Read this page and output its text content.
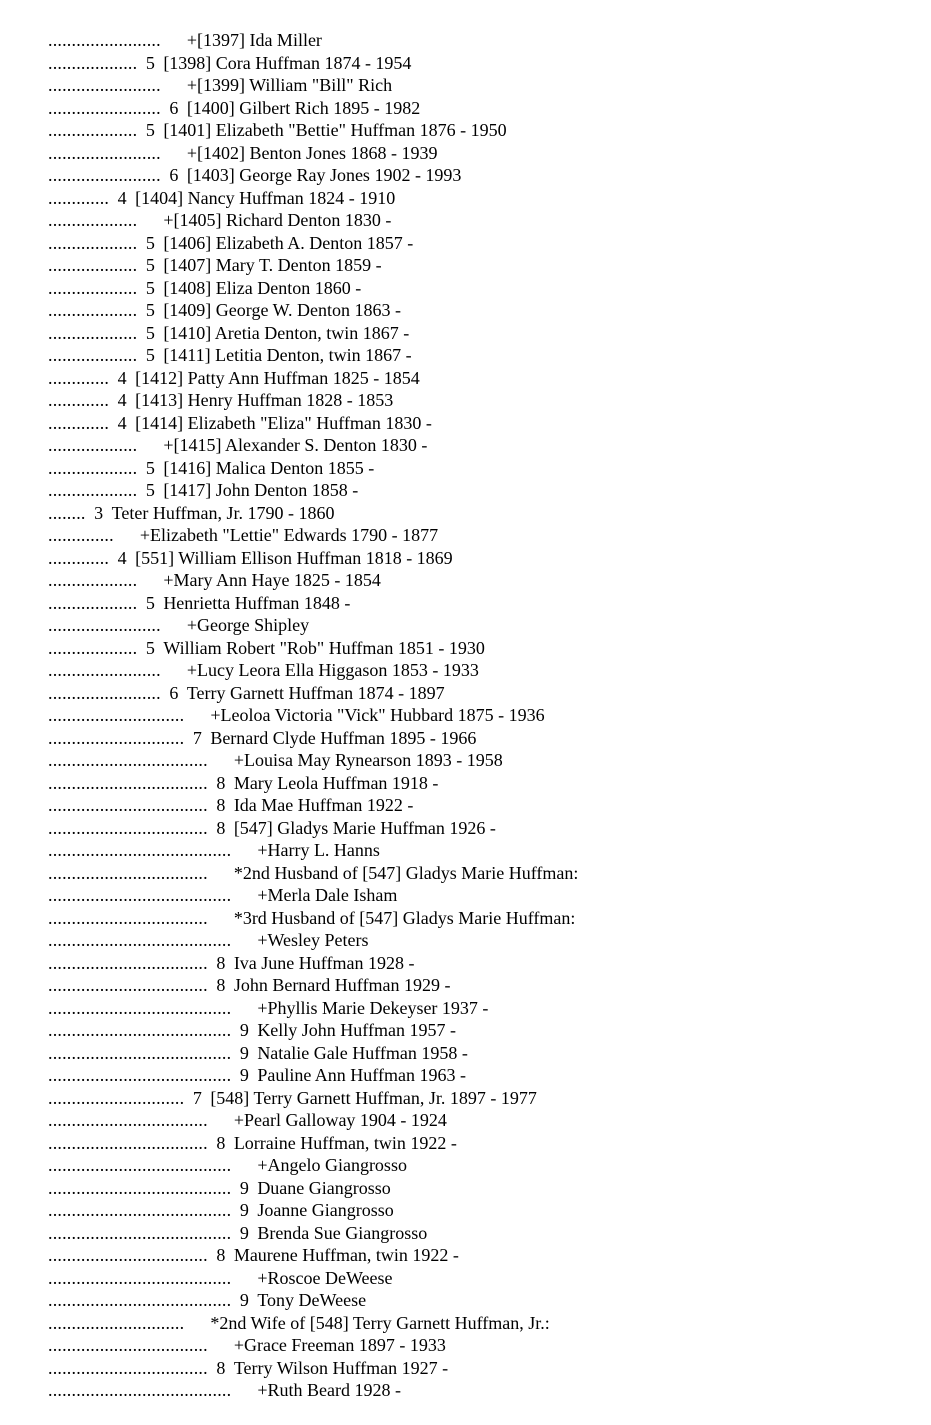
........................ +[1397] Ida Miller
................... 5 [1398] Cora Huffman 1874 - 1954
........................ +[1399] William "Bill" Rich
........................ 6 [1400] Gilbert Rich 1895 - 1982
................... 5 [1401] Elizabeth "Bettie" Huffman 1876 - 1950
........................ +[1402] Benton Jones 1868 - 1939
........................ 6 [1403] George Ray Jones 1902 - 1993
............. 4 [1404] Nancy Huffman 1824 - 1910
................... +[1405] Richard Denton 1830 -
................... 5 [1406] Elizabeth A. Denton 1857 -
................... 5 [1407] Mary T. Denton 1859 -
................... 5 [1408] Eliza Denton 1860 -
................... 5 [1409] George W. Denton 1863 -
................... 5 [1410] Aretia Denton, twin 1867 -
................... 5 [1411] Letitia Denton, twin 1867 -
............. 4 [1412] Patty Ann Huffman 1825 - 1854
............. 4 [1413] Henry Huffman 1828 - 1853
............. 4 [1414] Elizabeth "Eliza" Huffman 1830 -
................... +[1415] Alexander S. Denton 1830 -
................... 5 [1416] Malica Denton 1855 -
................... 5 [1417] John Denton 1858 -
........ 3 Teter Huffman, Jr. 1790 - 1860
.............. +Elizabeth "Lettie" Edwards 1790 - 1877
............. 4 [551] William Ellison Huffman 1818 - 1869
................... +Mary Ann Haye 1825 - 1854
................... 5 Henrietta Huffman 1848 -
........................ +George Shipley
................... 5 William Robert "Rob" Huffman 1851 - 1930
........................ +Lucy Leora Ella Higgason 1853 - 1933
........................ 6 Terry Garnett Huffman 1874 - 1897
............................. +Leoloa Victoria "Vick" Hubbard 1875 - 1936
............................. 7 Bernard Clyde Huffman 1895 - 1966
.................................. +Louisa May Rynearson 1893 - 1958
.................................. 8 Mary Leola Huffman 1918 -
.................................. 8 Ida Mae Huffman 1922 -
.................................. 8 [547] Gladys Marie Huffman 1926 -
....................................... +Harry L. Hanns
.................................. *2nd Husband of [547] Gladys Marie Huffman:
....................................... +Merla Dale Isham
.................................. *3rd Husband of [547] Gladys Marie Huffman:
....................................... +Wesley Peters
.................................. 8 Iva June Huffman 1928 -
.................................. 8 John Bernard Huffman 1929 -
....................................... +Phyllis Marie Dekeyser 1937 -
....................................... 9 Kelly John Huffman 1957 -
....................................... 9 Natalie Gale Huffman 1958 -
....................................... 9 Pauline Ann Huffman 1963 -
............................. 7 [548] Terry Garnett Huffman, Jr. 1897 - 1977
.................................. +Pearl Galloway 1904 - 1924
.................................. 8 Lorraine Huffman, twin 1922 -
....................................... +Angelo Giangrosso
....................................... 9 Duane Giangrosso
....................................... 9 Joanne Giangrosso
....................................... 9 Brenda Sue Giangrosso
.................................. 8 Maurene Huffman, twin 1922 -
....................................... +Roscoe DeWeese
....................................... 9 Tony DeWeese
............................. *2nd Wife of [548] Terry Garnett Huffman, Jr.:
.................................. +Grace Freeman 1897 - 1933
.................................. 8 Terry Wilson Huffman 1927 -
....................................... +Ruth Beard 1928 -
